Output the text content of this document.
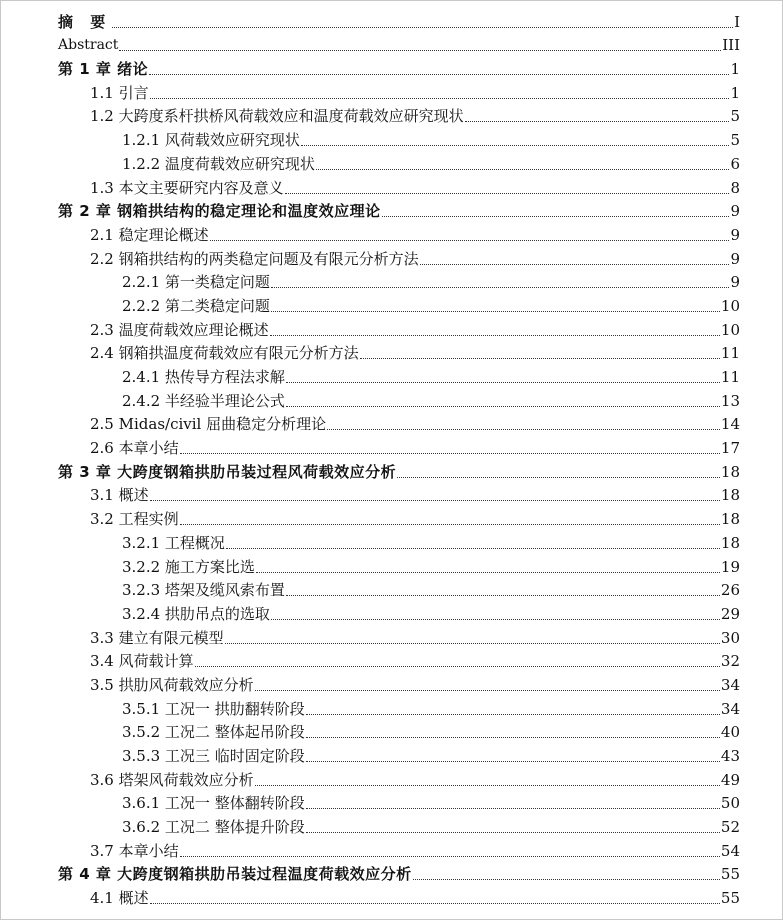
摘 要	I
Abstract	III
第 1 章 绪论	1
1.1 引言	1
1.2 大跨度系杆拱桥风荷载效应和温度荷载效应研究现状	5
1.2.1 风荷载效应研究现状	5
1.2.2 温度荷载效应研究现状	6
1.3 本文主要研究内容及意义	8
第 2 章 钢箱拱结构的稳定理论和温度效应理论	9
2.1 稳定理论概述	9
2.2 钢箱拱结构的两类稳定问题及有限元分析方法	9
2.2.1 第一类稳定问题	9
2.2.2 第二类稳定问题	10
2.3 温度荷载效应理论概述	10
2.4 钢箱拱温度荷载效应有限元分析方法	11
2.4.1 热传导方程法求解	11
2.4.2 半经验半理论公式	13
2.5 Midas/civil 屈曲稳定分析理论	14
2.6 本章小结	17
第 3 章 大跨度钢箱拱肋吊装过程风荷载效应分析	18
3.1 概述	18
3.2 工程实例	18
3.2.1 工程概况	18
3.2.2 施工方案比选	19
3.2.3 塔架及缆风索布置	26
3.2.4 拱肋吊点的选取	29
3.3 建立有限元模型	30
3.4 风荷载计算	32
3.5 拱肋风荷载效应分析	34
3.5.1 工况一 拱肋翻转阶段	34
3.5.2 工况二 整体起吊阶段	40
3.5.3 工况三 临时固定阶段	43
3.6 塔架风荷载效应分析	49
3.6.1 工况一 整体翻转阶段	50
3.6.2 工况二 整体提升阶段	52
3.7 本章小结	54
第 4 章 大跨度钢箱拱肋吊装过程温度荷载效应分析	55
4.1 概述	55
